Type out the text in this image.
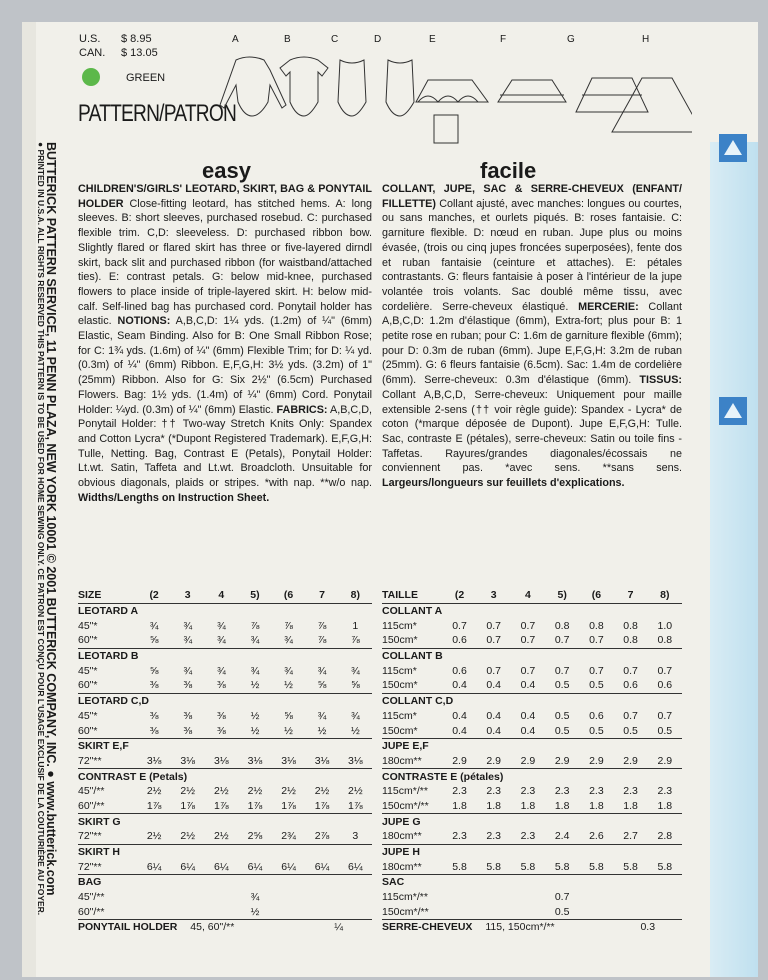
U.S. $ 8.95
CAN. $ 13.05
GREEN
PATTERN/PATRON
A	B	C	D	E	F	G	H
BUTTERICK PATTERN SERVICE, 11 PENN PLAZA, NEW YORK 10001 © 2001 BUTTERICK COMPANY, INC. ● www.butterick.com
● PRINTED IN U.S.A. ALL RIGHTS RESERVED THIS PATTERN IS TO BE USED FOR HOME SEWING ONLY. CE PATRON EST CONÇU POUR L'USAGE EXCLUSIF DE LA COUTURIÈRE AU FOYER.	easy	facile
CHILDREN'S/GIRLS' LEOTARD, SKIRT, BAG & PONYTAIL HOLDER Close-fitting leotard, has stitched hems. A: long sleeves. B: short sleeves, purchased rosebud. C: purchased flexible trim. C,D: sleeveless. D: purchased ribbon bow. Slightly flared or flared skirt has three or five-layered dirndl skirt, back slit and purchased ribbon (for waistband/attached ties). E: contrast petals. G: below mid-knee, purchased flowers to place inside of triple-layered skirt. H: below mid-calf. Self-lined bag has purchased cord. Ponytail holder has elastic. NOTIONS: A,B,C,D: 1¼ yds. (1.2m) of ¼" (6mm) Elastic, Seam Binding. Also for B: One Small Ribbon Rose; for C: 1¾ yds. (1.6m) of ¼" (6mm) Flexible Trim; for D: ¼ yd. (0.3m) of ¼" (6mm) Ribbon. E,F,G,H: 3½ yds. (3.2m) of 1" (25mm) Ribbon. Also for G: Six 2½" (6.5cm) Purchased Flowers. Bag: 1½ yds. (1.4m) of ¼" (6mm) Cord. Ponytail Holder: ¼yd. (0.3m) of ¼" (6mm) Elastic. FABRICS: A,B,C,D, Ponytail Holder: †† Two-way Stretch Knits Only: Spandex and Cotton Lycra* (*Dupont Registered Trademark). E,F,G,H: Tulle, Netting. Bag, Contrast E (Petals), Ponytail Holder: Lt.wt. Satin, Taffeta and Lt.wt. Broadcloth. Unsuitable for obvious diagonals, plaids or stripes. *with nap. **w/o nap. Widths/Lengths on Instruction Sheet.
COLLANT, JUPE, SAC & SERRE-CHEVEUX (ENFANT/ FILLETTE) Collant ajusté, avec manches: longues ou courtes, ou sans manches, et ourlets piqués. B: roses fantaisie. C: garniture flexible. D: nœud en ruban. Jupe plus ou moins évasée, (trois ou cinq jupes froncées superposées), fente dos et ruban fantaisie (ceinture et attaches). E: pétales contrastants. G: fleurs fantaisie à poser à l'intérieur de la jupe volantée trois volants. Sac doublé même tissu, avec cordelière. Serre-cheveux élastiqué. MERCERIE: Collant A,B,C,D: 1.2m d'élastique (6mm), Extra-fort; plus pour B: 1 petite rose en ruban; pour C: 1.6m de garniture flexible (6mm); pour D: 0.3m de ruban (6mm). Jupe E,F,G,H: 3.2m de ruban (25mm). G: 6 fleurs fantaisie (6.5cm). Sac: 1.4m de cordelière (6mm). Serre-cheveux: 0.3m d'élastique (6mm). TISSUS: Collant A,B,C,D, Serre-cheveux: Uniquement pour maille extensible 2-sens (†† voir règle guide): Spandex - Lycra* de coton (*marque déposée de Dupont). Jupe E,F,G,H: Tulle. Sac, contraste E (pétales), serre-cheveux: Satin ou toile fins - Taffetas. Rayures/grandes diagonales/écossais ne conviennent pas. *avec sens. **sans sens. Largeurs/longueurs sur feuillets d'explications.
SIZE	(2	3	4	5)	(6	7	8)
LEOTARD A							
45"*	¾	¾	¾	⅞	⅞	⅞	1
60"*	⅝	¾	¾	¾	¾	⅞	⅞
LEOTARD B							
45"*	⅝	¾	¾	¾	¾	¾	¾
60"*	⅜	⅜	⅜	½	½	⅝	⅝
LEOTARD C,D							
45"*	⅜	⅜	⅜	½	⅝	¾	¾
60"*	⅜	⅜	⅜	½	½	½	½
SKIRT E,F							
72"**	3⅛	3⅛	3⅛	3⅛	3⅛	3⅛	3⅛
CONTRAST E (Petals)							
45"/**	2½	2½	2½	2½	2½	2½	2½
60"/**	1⅞	1⅞	1⅞	1⅞	1⅞	1⅞	1⅞
SKIRT G							
72"**	2½	2½	2½	2⅝	2¾	2⅞	3
SKIRT H							
72"**	6¼	6¼	6¼	6¼	6¼	6¼	6¼
BAG							
45"/**				¾			
60"/**				½			
PONYTAIL HOLDER 45, 60"/**						¼	
TAILLE	(2	3	4	5)	(6	7	8)
COLLANT A							
115cm*	0.7	0.7	0.7	0.8	0.8	0.8	1.0
150cm*	0.6	0.7	0.7	0.7	0.7	0.8	0.8
COLLANT B							
115cm*	0.6	0.7	0.7	0.7	0.7	0.7	0.7
150cm*	0.4	0.4	0.4	0.5	0.5	0.6	0.6
COLLANT C,D							
115cm*	0.4	0.4	0.4	0.5	0.6	0.7	0.7
150cm*	0.4	0.4	0.4	0.5	0.5	0.5	0.5
JUPE E,F							
180cm**	2.9	2.9	2.9	2.9	2.9	2.9	2.9
CONTRASTE E (pétales)							
115cm*/**	2.3	2.3	2.3	2.3	2.3	2.3	2.3
150cm*/**	1.8	1.8	1.8	1.8	1.8	1.8	1.8
JUPE G							
180cm**	2.3	2.3	2.3	2.4	2.6	2.7	2.8
JUPE H							
180cm**	5.8	5.8	5.8	5.8	5.8	5.8	5.8
SAC							
115cm*/**				0.7			
150cm*/**				0.5			
SERRE-CHEVEUX 115, 150cm*/**						0.3	
